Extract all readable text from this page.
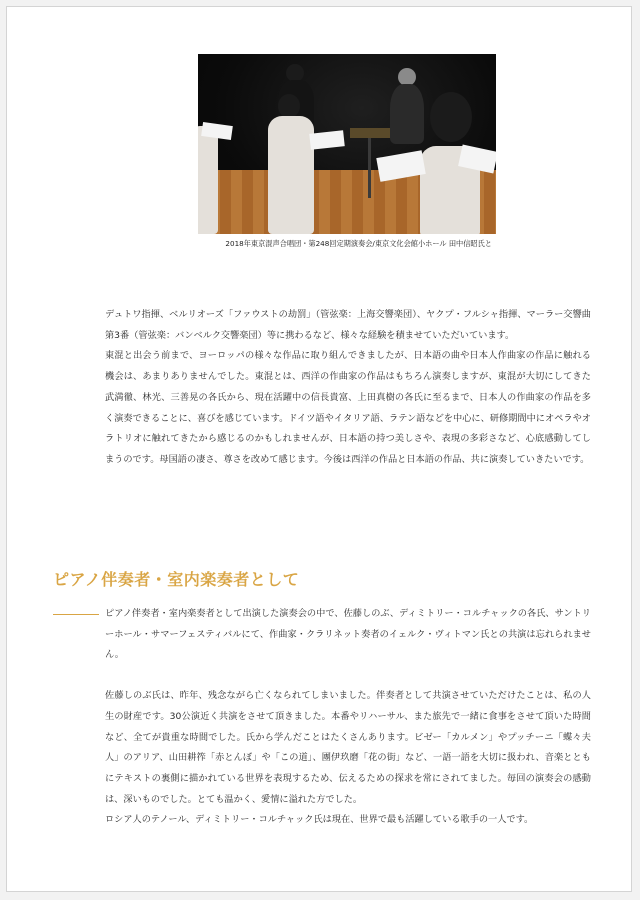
2018年東京混声合唱団・第248回定期演奏会/東京文化会館小ホール 田中信昭氏と

デュトワ指揮、ベルリオーズ「ファウストの劫罰」（管弦楽：上海交響楽団）、ヤクプ・フルシャ指揮、マーラー交響曲第3番（管弦楽：バンベルク交響楽団）等に携わるなど、様々な経験を積ませていただいています。

東混と出会う前まで、ヨーロッパの様々な作品に取り組んできましたが、日本語の曲や日本人作曲家の作品に触れる機会は、あまりありませんでした。東混とは、西洋の作曲家の作品はもちろん演奏しますが、東混が大切にしてきた武満徹、林光、三善晃の各氏から、現在活躍中の信長貴富、上田真樹の各氏に至るまで、日本人の作曲家の作品を多く演奏できることに、喜びを感じています。ドイツ語やイタリア語、ラテン語などを中心に、研修期間中にオペラやオラトリオに触れてきたから感じるのかもしれませんが、日本語の持つ美しさや、表現の多彩さなど、心底感動してしまうのです。母国語の凄さ、尊さを改めて感じます。今後は西洋の作品と日本語の作品、共に演奏していきたいです。

ピアノ伴奏者・室内楽奏者として

ピアノ伴奏者・室内楽奏者として出演した演奏会の中で、佐藤しのぶ、ディミトリー・コルチャックの各氏、サントリーホール・サマーフェスティバルにて、作曲家・クラリネット奏者のイェルク・ヴィトマン氏との共演は忘れられません。

佐藤しのぶ氏は、昨年、残念ながら亡くなられてしまいました。伴奏者として共演させていただけたことは、私の人生の財産です。30公演近く共演をさせて頂きました。本番やリハーサル、また旅先で一緒に食事をさせて頂いた時間など、全てが貴重な時間でした。氏から学んだことはたくさんあります。ビゼー「カルメン」やプッチーニ「蝶々夫人」のアリア、山田耕筰「赤とんぼ」や「この道」、團伊玖磨「花の街」など、一語一語を大切に扱われ、音楽とともにテキストの裏側に描かれている世界を表現するため、伝えるための探求を常にされてました。毎回の演奏会の感動は、深いものでした。とても温かく、愛情に溢れた方でした。

ロシア人のテノール、ディミトリー・コルチャック氏は現在、世界で最も活躍している歌手の一人です。
